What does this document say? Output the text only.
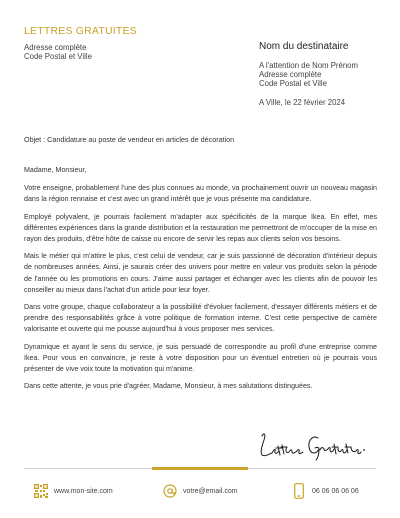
LETTRES GRATUITES
Adresse complète
Code Postal et Ville
Nom du destinataire
A l'attention de Nom Prénom
Adresse complète
Code Postal et Ville
A Ville, le 22 février 2024
Objet : Candidature au poste de vendeur en articles de décoration

Madame, Monsieur,

Votre enseigne, probablement l'une des plus connues au monde, va prochainement ouvrir un nouveau magasin dans la région rennaise et c'est avec un grand intérêt que je vous présente ma candidature.

Employé polyvalent, je pourrais facilement m'adapter aux spécificités de la marque Ikea. En effet, mes différentes expériences dans la grande distribution et la restauration me permettront de m'occuper de la mise en rayon des produits, d'être hôte de caisse ou encore de servir les repas aux clients selon vos besoins.

Mais le métier qui m'attire le plus, c'est celui de vendeur, car je suis passionné de décoration d'intérieur depuis de nombreuses années. Ainsi, je saurais créer des univers pour mettre en valeur vos produits selon la période de l'année ou les promotions en cours. J'aime aussi partager et échanger avec les clients afin de pouvoir les conseiller au mieux dans l'achat d'un article pour leur foyer.

Dans votre groupe, chaque collaborateur a la possibilité d'évoluer facilement, d'essayer différents métiers et de prendre des responsabilités grâce à votre politique de formation interne. C'est cette perspective de carrière valorisante et ouverte qui me pousse aujourd'hui à vous proposer mes services.

Dynamique et ayant le sens du service, je suis persuadé de correspondre au profil d'une entreprise comme Ikea. Pour vous en convaincre, je reste à votre disposition pour un éventuel entretien où je pourrais vous présenter de vive voix toute la motivation qui m'anime.

Dans cette attente, je vous prie d'agréer, Madame, Monsieur, à mes salutations distinguées.

www.mon-site.com	votre@email.com	06 06 06 06 06
